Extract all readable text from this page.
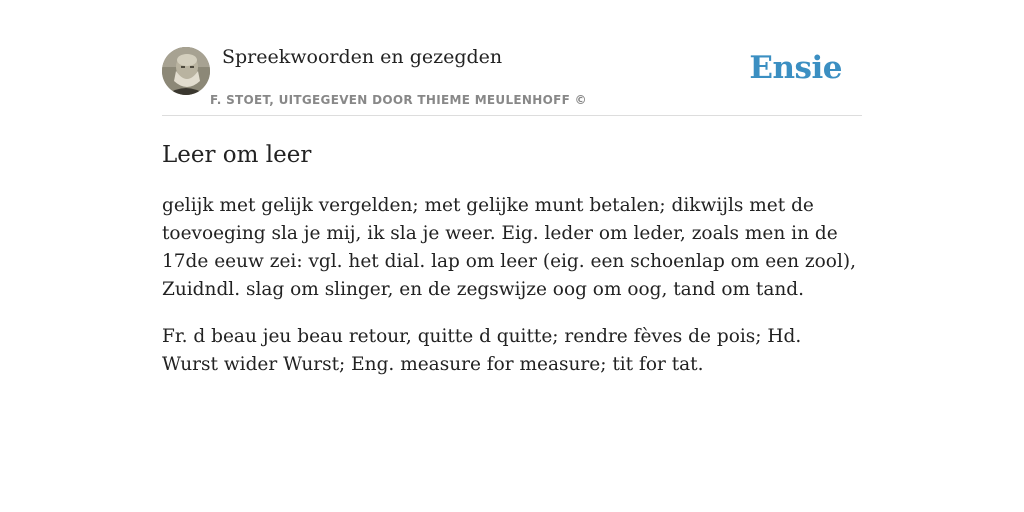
Spreekwoorden en gezegden
F. STOET, UITGEGEVEN DOOR THIEME MEULENHOFF ©
Ensie
Leer om leer

gelijk met gelijk vergelden; met gelijke munt betalen; dikwijls met de toevoeging sla je mij, ik sla je weer. Eig. leder om leder, zoals men in de 17de eeuw zei: vgl. het dial. lap om leer (eig. een schoenlap om een zool), Zuidndl. slag om slinger, en de zegswijze oog om oog, tand om tand.

Fr. d beau jeu beau retour, quitte d quitte; rendre fèves de pois; Hd. Wurst wider Wurst; Eng. measure for measure; tit for tat.
